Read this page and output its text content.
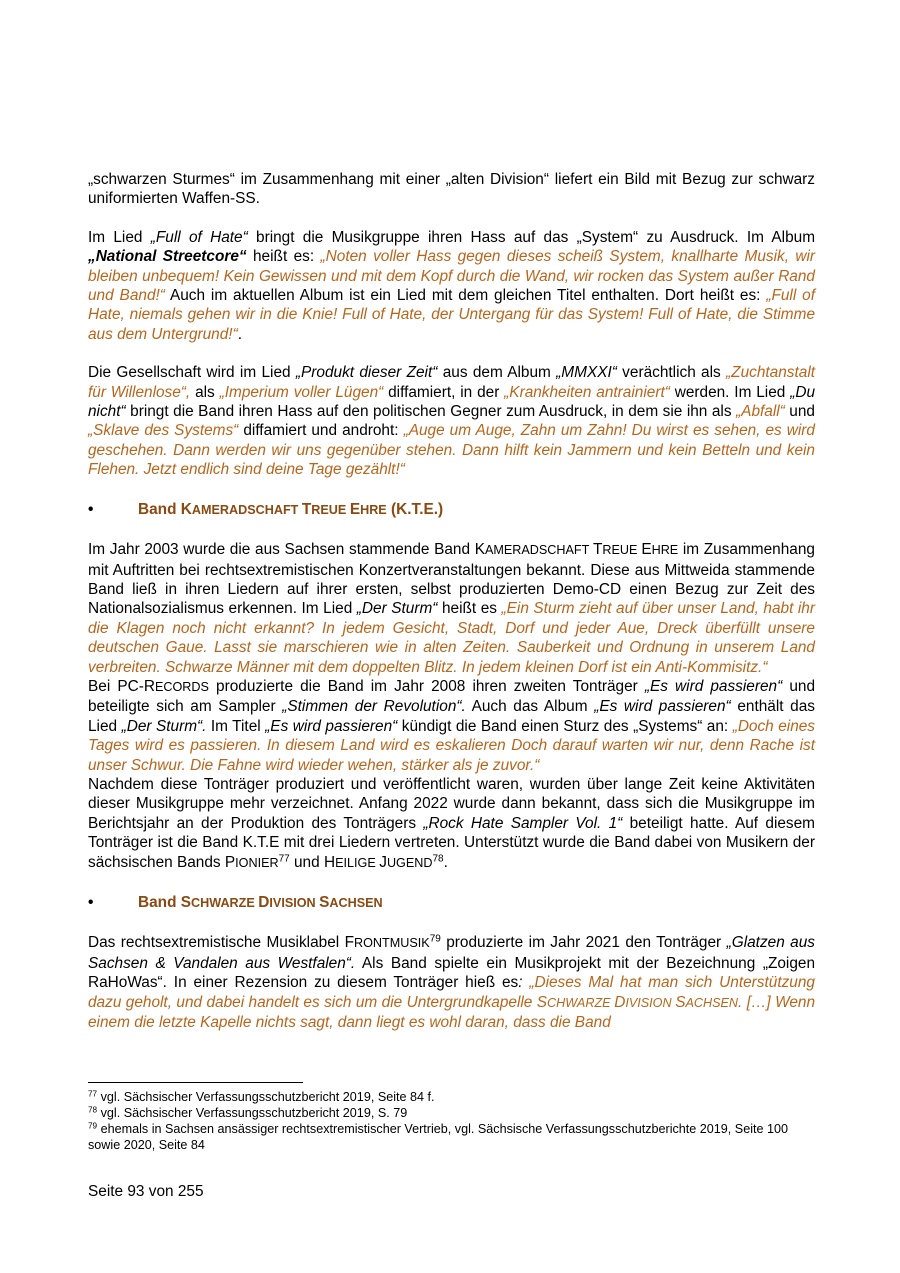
„schwarzen Sturmes“ im Zusammenhang mit einer „alten Division“ liefert ein Bild mit Bezug zur schwarz uniformierten Waffen-SS.

Im Lied „Full of Hate“ bringt die Musikgruppe ihren Hass auf das „System“ zu Ausdruck. Im Album „National Streetcore“ heißt es: „Noten voller Hass gegen dieses scheiß System, knallharte Musik, wir bleiben unbequem! Kein Gewissen und mit dem Kopf durch die Wand, wir rocken das System außer Rand und Band!“ Auch im aktuellen Album ist ein Lied mit dem gleichen Titel enthalten. Dort heißt es: „Full of Hate, niemals gehen wir in die Knie! Full of Hate, der Untergang für das System! Full of Hate, die Stimme aus dem Untergrund!“.

Die Gesellschaft wird im Lied „Produkt dieser Zeit“ aus dem Album „MMXXI“ verächtlich als „Zuchtanstalt für Willenlose“, als „Imperium voller Lügen“ diffamiert, in der „Krankheiten antrainiert“ werden. Im Lied „Du nicht“ bringt die Band ihren Hass auf den politischen Gegner zum Ausdruck, in dem sie ihn als „Abfall“ und „Sklave des Systems“ diffamiert und androht: „Auge um Auge, Zahn um Zahn! Du wirst es sehen, es wird geschehen. Dann werden wir uns gegenüber stehen. Dann hilft kein Jammern und kein Betteln und kein Flehen. Jetzt endlich sind deine Tage gezählt!“

•	Band KAMERADSCHAFT TREUE EHRE (K.T.E.)

Im Jahr 2003 wurde die aus Sachsen stammende Band KAMERADSCHAFT TREUE EHRE im Zusammenhang mit Auftritten bei rechtsextremistischen Konzertveranstaltungen bekannt. Diese aus Mittweida stammende Band ließ in ihren Liedern auf ihrer ersten, selbst produzierten Demo-CD einen Bezug zur Zeit des Nationalsozialismus erkennen. Im Lied „Der Sturm“ heißt es „Ein Sturm zieht auf über unser Land, habt ihr die Klagen noch nicht erkannt? In jedem Gesicht, Stadt, Dorf und jeder Aue, Dreck überfüllt unsere deutschen Gaue. Lasst sie marschieren wie in alten Zeiten. Sauberkeit und Ordnung in unserem Land verbreiten. Schwarze Männer mit dem doppelten Blitz. In jedem kleinen Dorf ist ein Anti-Kommisitz.“

Bei PC-RECORDS produzierte die Band im Jahr 2008 ihren zweiten Tonträger „Es wird passieren“ und beteiligte sich am Sampler „Stimmen der Revolution“. Auch das Album „Es wird passieren“ enthält das Lied „Der Sturm“. Im Titel „Es wird passieren“ kündigt die Band einen Sturz des „Systems“ an: „Doch eines Tages wird es passieren. In diesem Land wird es eskalieren Doch darauf warten wir nur, denn Rache ist unser Schwur. Die Fahne wird wieder wehen, stärker als je zuvor.“

Nachdem diese Tonträger produziert und veröffentlicht waren, wurden über lange Zeit keine Aktivitäten dieser Musikgruppe mehr verzeichnet. Anfang 2022 wurde dann bekannt, dass sich die Musikgruppe im Berichtsjahr an der Produktion des Tonträgers „Rock Hate Sampler Vol. 1“ beteiligt hatte. Auf diesem Tonträger ist die Band K.T.E mit drei Liedern vertreten. Unterstützt wurde die Band dabei von Musikern der sächsischen Bands PIONIER$^{77}$ und HEILIGE JUGEND$^{78}$.

•	Band SCHWARZE DIVISION SACHSEN

Das rechtsextremistische Musiklabel FRONTMUSIK$^{79}$ produzierte im Jahr 2021 den Tonträger „Glatzen aus Sachsen & Vandalen aus Westfalen“. Als Band spielte ein Musikprojekt mit der Bezeichnung „Zoigen RaHoWas“. In einer Rezension zu diesem Tonträger hieß es: „Dieses Mal hat man sich Unterstützung dazu geholt, und dabei handelt es sich um die Untergrundkapelle SCHWARZE DIVISION SACHSEN. […] Wenn einem die letzte Kapelle nichts sagt, dann liegt es wohl daran, dass die Band

$^{77}$ vgl. Sächsischer Verfassungsschutzbericht 2019, Seite 84 f.

$^{78}$ vgl. Sächsischer Verfassungsschutzbericht 2019, S. 79

$^{79}$ ehemals in Sachsen ansässiger rechtsextremistischer Vertrieb, vgl. Sächsische Verfassungsschutzberichte 2019, Seite 100 sowie 2020, Seite 84

Seite 93 von 255
